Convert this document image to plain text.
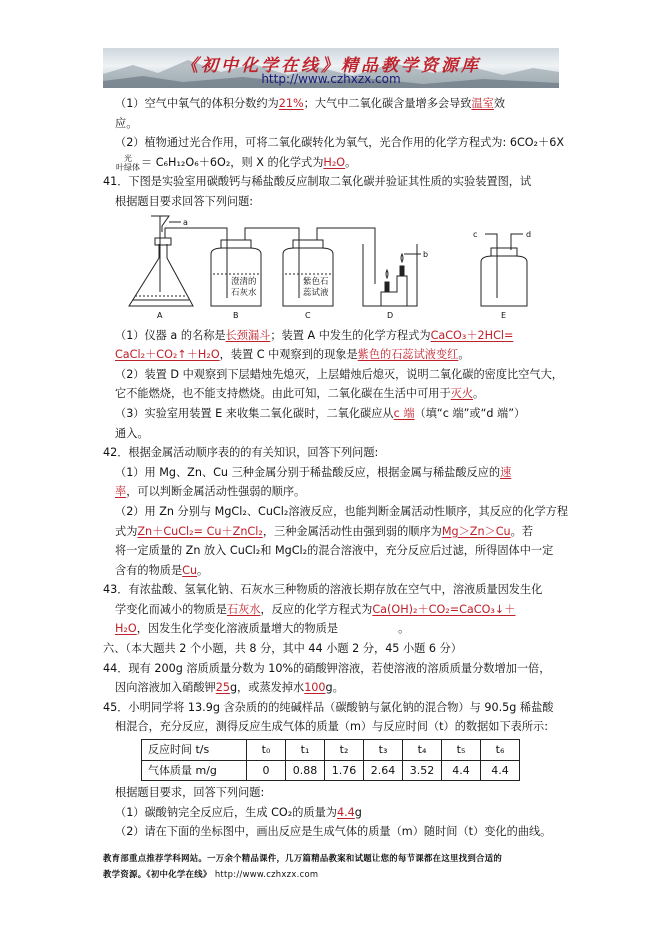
《初中化学在线》精品教学资源库
http://www.czhxzx.com

（1）空气中氧气的体积分数约为21%；大气中二氧化碳含量增多会导致温室效

应。

（2）植物通过光合作用，可将二氧化碳转化为氧气，光合作用的化学方程式为: 6CO₂＋6X

光
叶绿体＝ C₆H₁₂O₆＋6O₂，则 X 的化学式为H₂O。

41．下图是实验室用碳酸钙与稀盐酸反应制取二氧化碳并验证其性质的实验装置图，试

根据题目要求回答下列问题:

a
b
c	d
A	B	C	D	E
澄清的
石灰水
紫色石
蕊试液

（1）仪器 a 的名称是长颈漏斗；装置 A 中发生的化学方程式为CaCO₃＋2HCl=

CaCl₂＋CO₂↑＋H₂O，装置 C 中观察到的现象是紫色的石蕊试液变红。

（2）装置 D 中观察到下层蜡烛先熄灭，上层蜡烛后熄灭，说明二氧化碳的密度比空气大，

它不能燃烧，也不能支持燃烧。由此可知，二氧化碳在生活中可用于灭火。

（3）实验室用装置 E 来收集二氧化碳时，二氧化碳应从c 端（填“c 端”或“d 端”）

通入。

42．根据金属活动顺序表的的有关知识，回答下列问题:

（1）用 Mg、Zn、Cu 三种金属分别于稀盐酸反应，根据金属与稀盐酸反应的速

率，可以判断金属活动性强弱的顺序。

（2）用 Zn 分别与 MgCl₂、CuCl₂溶液反应，也能判断金属活动性顺序，其反应的化学方程

式为Zn＋CuCl₂= Cu＋ZnCl₂，三种金属活动性由强到弱的顺序为Mg＞Zn＞Cu。若

将一定质量的 Zn 放入 CuCl₂和 MgCl₂的混合溶液中，充分反应后过滤，所得固体中一定

含有的物质是Cu。

43．有浓盐酸、氢氧化钠、石灰水三种物质的溶液长期存放在空气中，溶液质量因发生化

学变化而减小的物质是石灰水，反应的化学方程式为Ca(OH)₂＋CO₂=CaCO₃↓＋

H₂O，因发生化学变化溶液质量增大的物质是	。

六、（本大题共 2 个小题，共 8 分，其中 44 小题 2 分，45 小题 6 分）

44．现有 200g 溶质质量分数为 10%的硝酸钾溶液，若使溶液的溶质质量分数增加一倍，

因向溶液加入硝酸钾25g，或蒸发掉水100g。

45．小明同学将 13.9g 含杂质的的纯碱样品（碳酸钠与氯化钠的混合物）与 90.5g 稀盐酸

相混合，充分反应，测得反应生成气体的质量（m）与反应时间（t）的数据如下表所示:

反应时间 t/s	t₀	t₁	t₂	t₃	t₄	t₅	t₆
气体质量 m/g	0	0.88	1.76	2.64	3.52	4.4	4.4

根据题目要求，回答下列问题:

（1）碳酸钠完全反应后，生成 CO₂的质量为4.4g

（2）请在下面的坐标图中，画出反应是生成气体的质量（m）随时间（t）变化的曲线。

教育部重点推荐学科网站。一万余个精品课件，几万篇精品教案和试题让您的每节课都在这里找到合适的
教学资源。《初中化学在线》 http://www.czhxzx.com
